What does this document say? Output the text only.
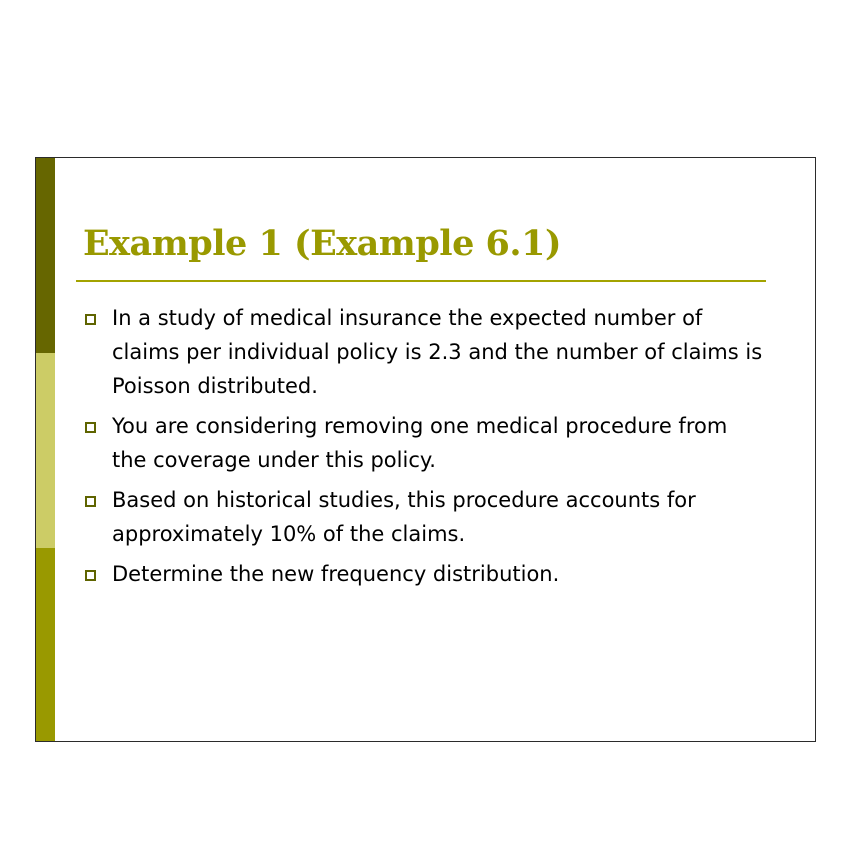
Example 1 (Example 6.1)
In a study of medical insurance the expected number of claims per individual policy is 2.3 and the number of claims is Poisson distributed.
You are considering removing one medical procedure from the coverage under this policy.
Based on historical studies, this procedure accounts for approximately 10% of the claims.
Determine the new frequency distribution.
